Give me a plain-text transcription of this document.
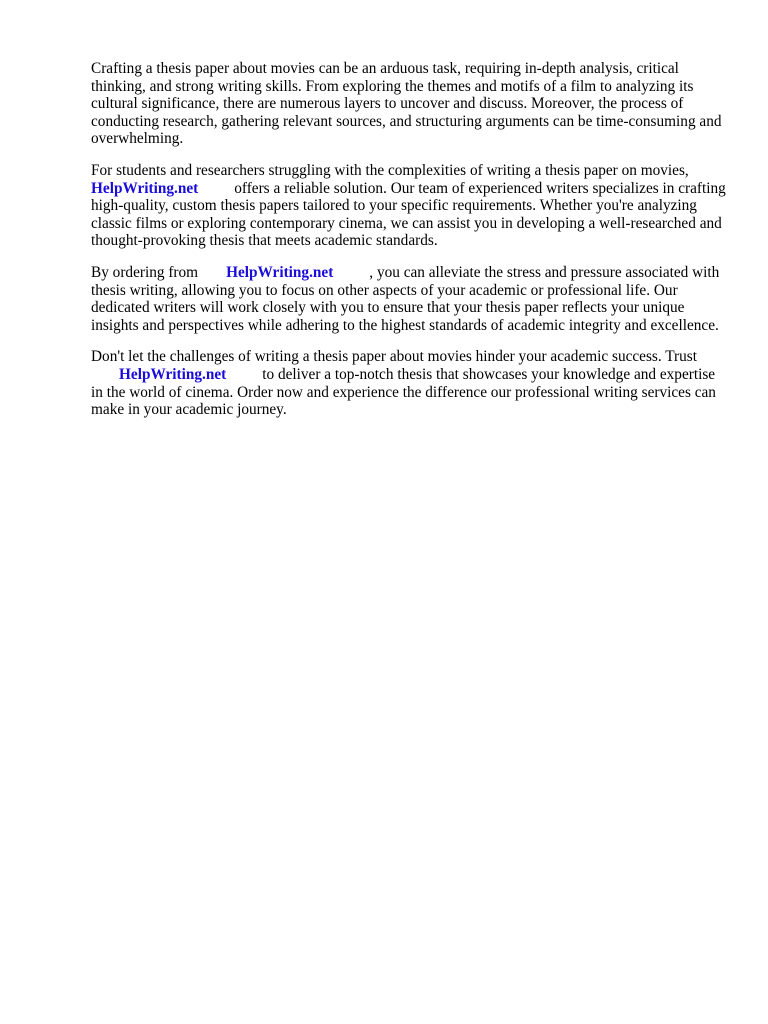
Crafting a thesis paper about movies can be an arduous task, requiring in-depth analysis, critical thinking, and strong writing skills. From exploring the themes and motifs of a film to analyzing its cultural significance, there are numerous layers to uncover and discuss. Moreover, the process of conducting research, gathering relevant sources, and structuring arguments can be time-consuming and overwhelming.

For students and researchers struggling with the complexities of writing a thesis paper on movies,
HelpWriting.net offers a reliable solution. Our team of experienced writers specializes in crafting high-quality, custom thesis papers tailored to your specific requirements. Whether you're analyzing classic films or exploring contemporary cinema, we can assist you in developing a well-researched and thought-provoking thesis that meets academic standards.

By ordering from HelpWriting.net , you can alleviate the stress and pressure associated with thesis writing, allowing you to focus on other aspects of your academic or professional life. Our dedicated writers will work closely with you to ensure that your thesis paper reflects your unique insights and perspectives while adhering to the highest standards of academic integrity and excellence.

Don't let the challenges of writing a thesis paper about movies hinder your academic success. Trust
HelpWriting.net to deliver a top-notch thesis that showcases your knowledge and expertise in the world of cinema. Order now and experience the difference our professional writing services can make in your academic journey.
